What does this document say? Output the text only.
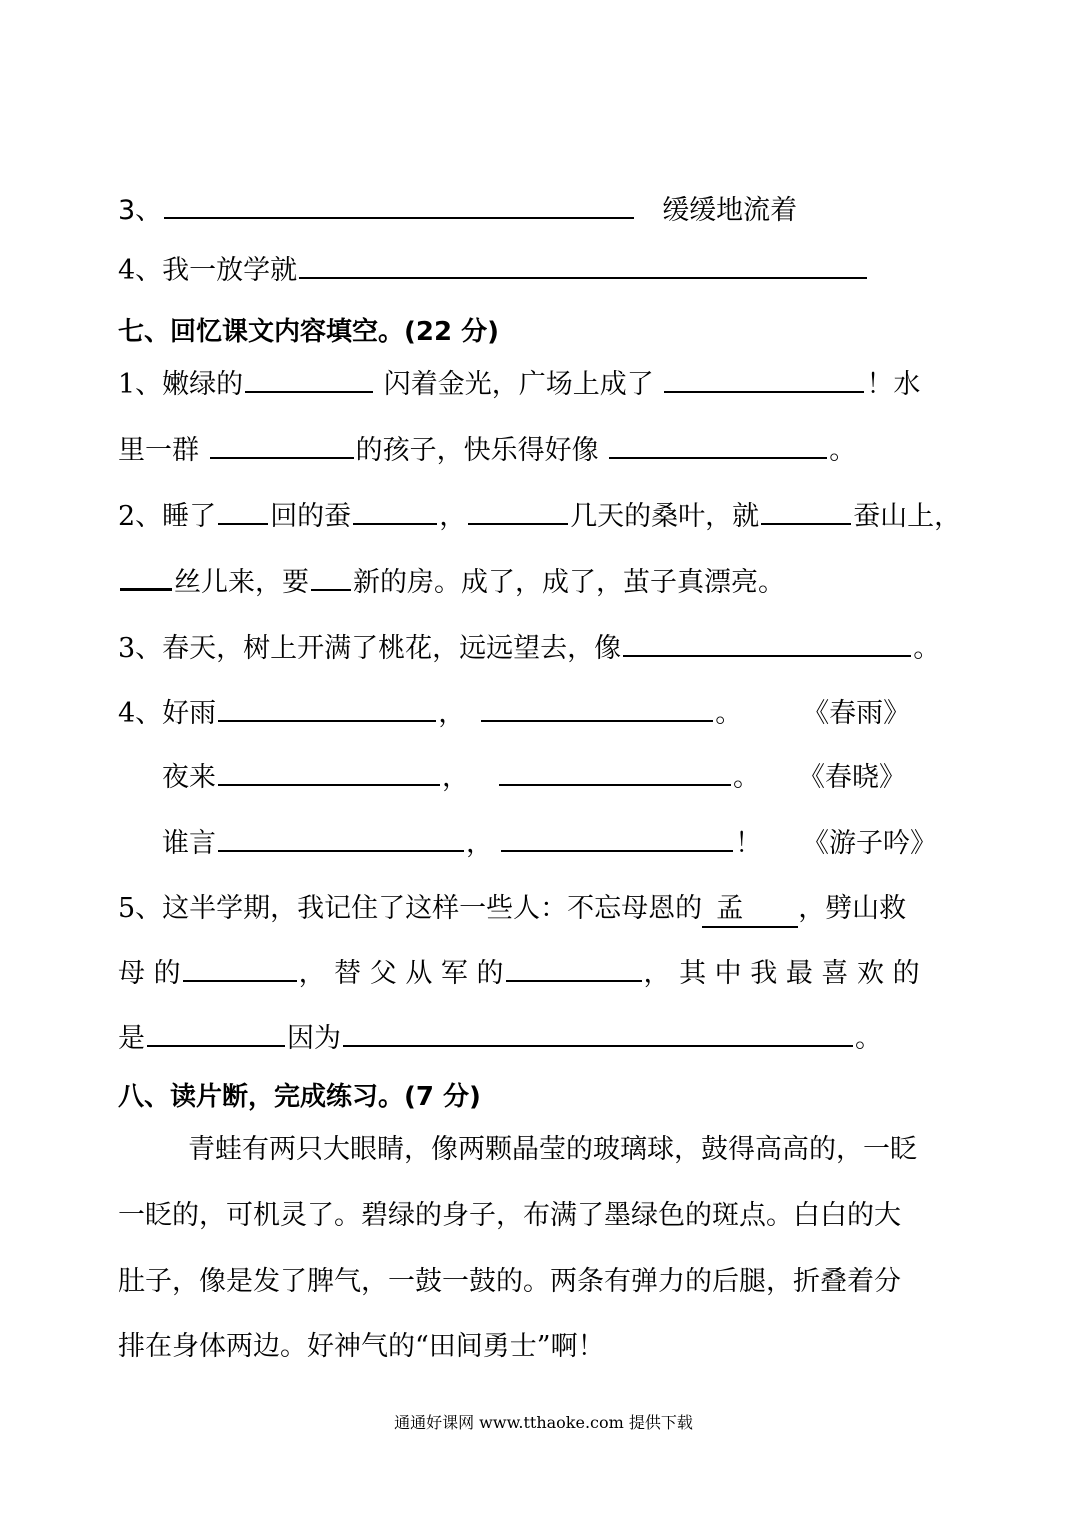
3、	缓缓地流着
4、我一放学就
七、回忆课文内容填空。(22 分)
1、嫩绿的	闪着金光，广场上成了	！水
里一群	的孩子，快乐得好像	。
2、睡了 回的蚕	，	几天的桑叶，就	蚕山上，
丝儿来，要 新的房。成了，成了，茧子真漂亮。
3、春天，树上开满了桃花，远远望去，像	。
4、好雨	，	。 《春雨》
夜来	，	。 《春晓》
谁言	，	！ 《游子吟》
5、这半学期，我记住了这样一些人：不忘母恩的 孟 ，劈山救
母 的	， 替 父 从 军 的	， 其 中 我 最 喜 欢 的
是	因为	。
八、读片断，完成练习。(7 分)
青蛙有两只大眼睛，像两颗晶莹的玻璃球，鼓得高高的，一眨
一眨的，可机灵了。碧绿的身子，布满了墨绿色的斑点。白白的大
肚子，像是发了脾气，一鼓一鼓的。两条有弹力的后腿，折叠着分
排在身体两边。好神气的“田间勇士”啊！
通通好课网 www.tthaoke.com 提供下载
